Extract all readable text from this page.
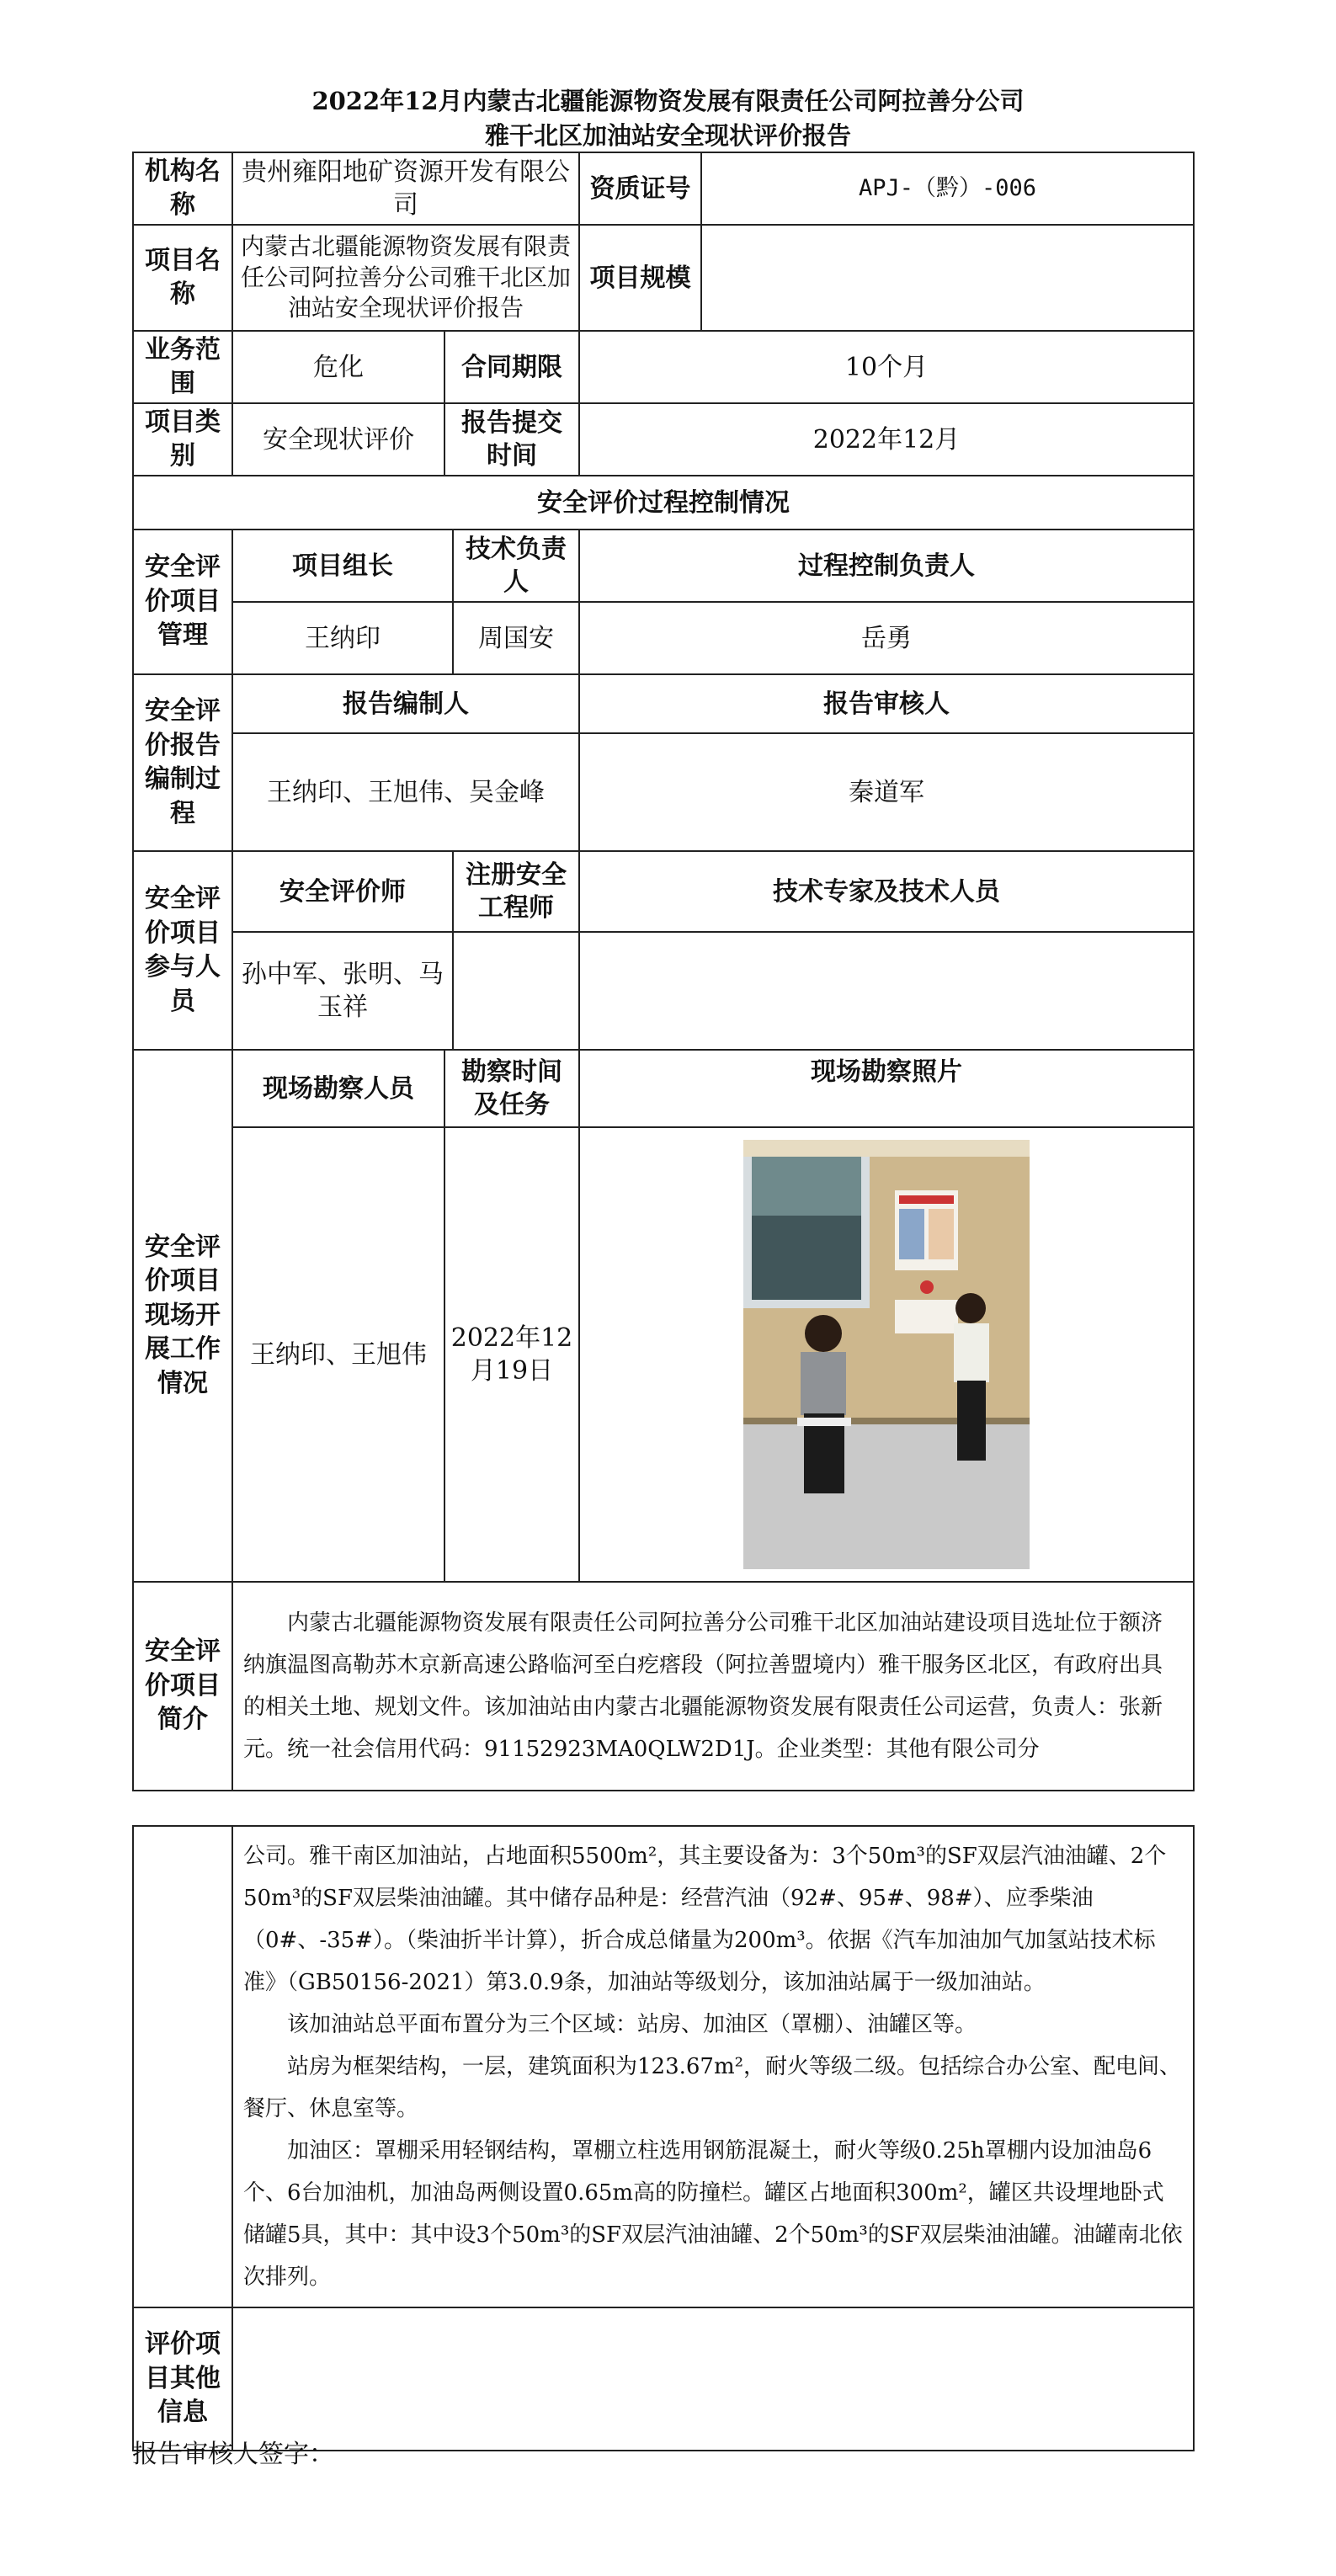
2022年12月内蒙古北疆能源物资发展有限责任公司阿拉善分公司
雅干北区加油站安全现状评价报告
机构名称	贵州雍阳地矿资源开发有限公司			资质证号	APJ-（黔）-006
项目名称	内蒙古北疆能源物资发展有限责任公司阿拉善分公司雅干北区加油站安全现状评价报告			项目规模	
业务范围	危化	合同期限		10个月	
项目类别	安全现状评价	报告提交时间		2022年12月	
安全评价过程控制情况					
安全评价项目管理	项目组长		技术负责人	过程控制负责人	
	王纳印		周国安	岳勇	
安全评价报告编制过程	报告编制人			报告审核人	
	王纳印、王旭伟、吴金峰			秦道军	
安全评价项目参与人员	安全评价师		注册安全工程师	技术专家及技术人员	
	孙中军、张明、马玉祥				
安全评价项目现场开展工作情况	现场勘察人员	勘察时间及任务		现场勘察照片	
	王纳印、王旭伟	2022年12月19日	

安全评价项目简介	内蒙古北疆能源物资发展有限责任公司阿拉善分公司雅干北区加油站建设项目选址位于额济纳旗温图高勒苏木京新高速公路临河至白疙瘩段（阿拉善盟境内）雅干服务区北区，有政府出具的相关土地、规划文件。该加油站由内蒙古北疆能源物资发展有限责任公司运营，负责人：张新元。统一社会信用代码：91152923MA0QLW2D1J。企业类型：其他有限公司分				

	公司。雅干南区加油站，占地面积5500m²，其主要设备为：3个50m³的SF双层汽油油罐、2个50m³的SF双层柴油油罐。其中储存品种是：经营汽油（92#、95#、98#）、应季柴油（0#、-35#）。（柴油折半计算），折合成总储量为200m³。依据《汽车加油加气加氢站技术标准》（GB50156-2021）第3.0.9条，加油站等级划分，该加油站属于一级加油站。

该加油站总平面布置分为三个区域：站房、加油区（罩棚）、油罐区等。

站房为框架结构，一层，建筑面积为123.67m²，耐火等级二级。包括综合办公室、配电间、餐厅、休息室等。

加油区：罩棚采用轻钢结构，罩棚立柱选用钢筋混凝土，耐火等级0.25h罩棚内设加油岛6个、6台加油机，加油岛两侧设置0.65m高的防撞栏。罐区占地面积300m²，罐区共设埋地卧式储罐5具，其中：其中设3个50m³的SF双层汽油油罐、2个50m³的SF双层柴油油罐。油罐南北依次排列。

评价项目其他信息	
报告审核人签字：
